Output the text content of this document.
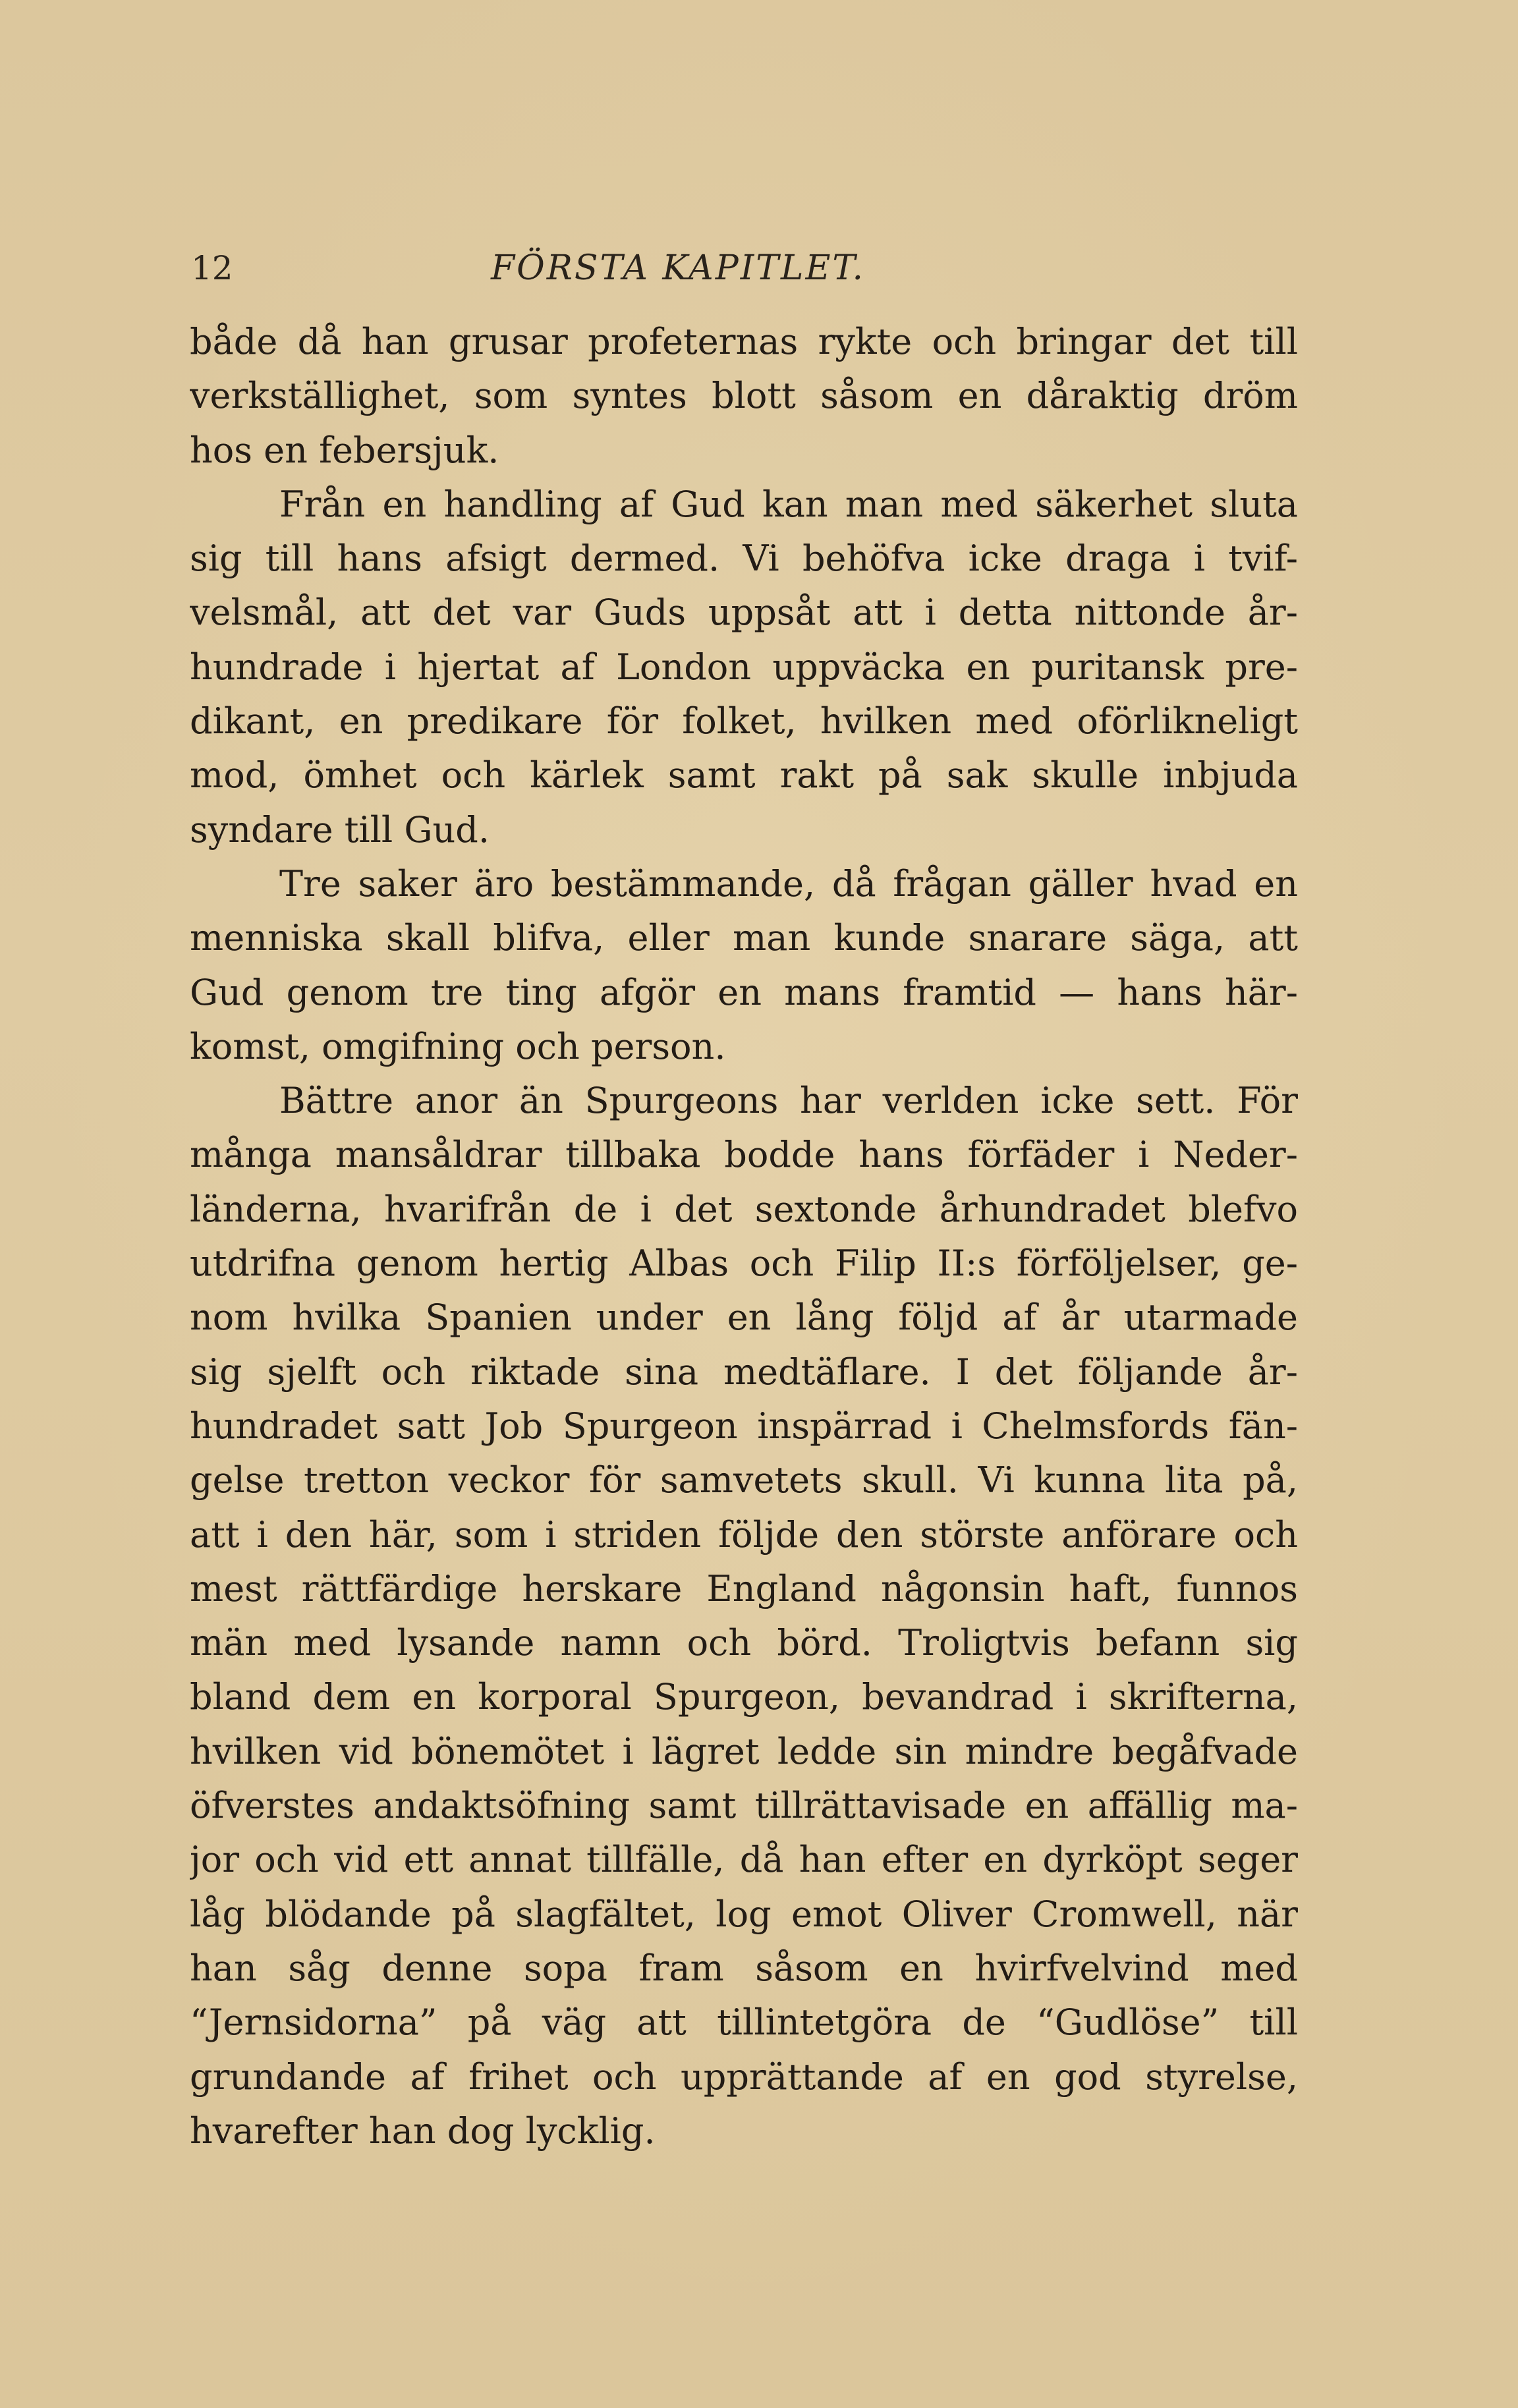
12	FÖRSTA KAPITLET.
både då han grusar profeternas rykte och bringar det till
verkställighet, som syntes blott såsom en dåraktig dröm
hos en febersjuk.
Från en handling af Gud kan man med säkerhet sluta
sig till hans afsigt dermed. Vi behöfva icke draga i tvif-
velsmål, att det var Guds uppsåt att i detta nittonde år-
hundrade i hjertat af London uppväcka en puritansk pre-
dikant, en predikare för folket, hvilken med oförlikneligt
mod, ömhet och kärlek samt rakt på sak skulle inbjuda
syndare till Gud.
Tre saker äro bestämmande, då frågan gäller hvad en
menniska skall blifva, eller man kunde snarare säga, att
Gud genom tre ting afgör en mans framtid — hans här-
komst, omgifning och person.
Bättre anor än Spurgeons har verlden icke sett. För
många mansåldrar tillbaka bodde hans förfäder i Neder-
länderna, hvarifrån de i det sextonde århundradet blefvo
utdrifna genom hertig Albas och Filip II:s förföljelser, ge-
nom hvilka Spanien under en lång följd af år utarmade
sig sjelft och riktade sina medtäflare. I det följande år-
hundradet satt Job Spurgeon inspärrad i Chelmsfords fän-
gelse tretton veckor för samvetets skull. Vi kunna lita på,
att i den här, som i striden följde den störste anförare och
mest rättfärdige herskare England någonsin haft, funnos
män med lysande namn och börd. Troligtvis befann sig
bland dem en korporal Spurgeon, bevandrad i skrifterna,
hvilken vid bönemötet i lägret ledde sin mindre begåfvade
öfverstes andaktsöfning samt tillrättavisade en affällig ma-
jor och vid ett annat tillfälle, då han efter en dyrköpt seger
låg blödande på slagfältet, log emot Oliver Cromwell, när
han såg denne sopa fram såsom en hvirfvelvind med
“Jernsidorna” på väg att tillintetgöra de “Gudlöse” till
grundande af frihet och upprättande af en god styrelse,
hvarefter han dog lycklig.
